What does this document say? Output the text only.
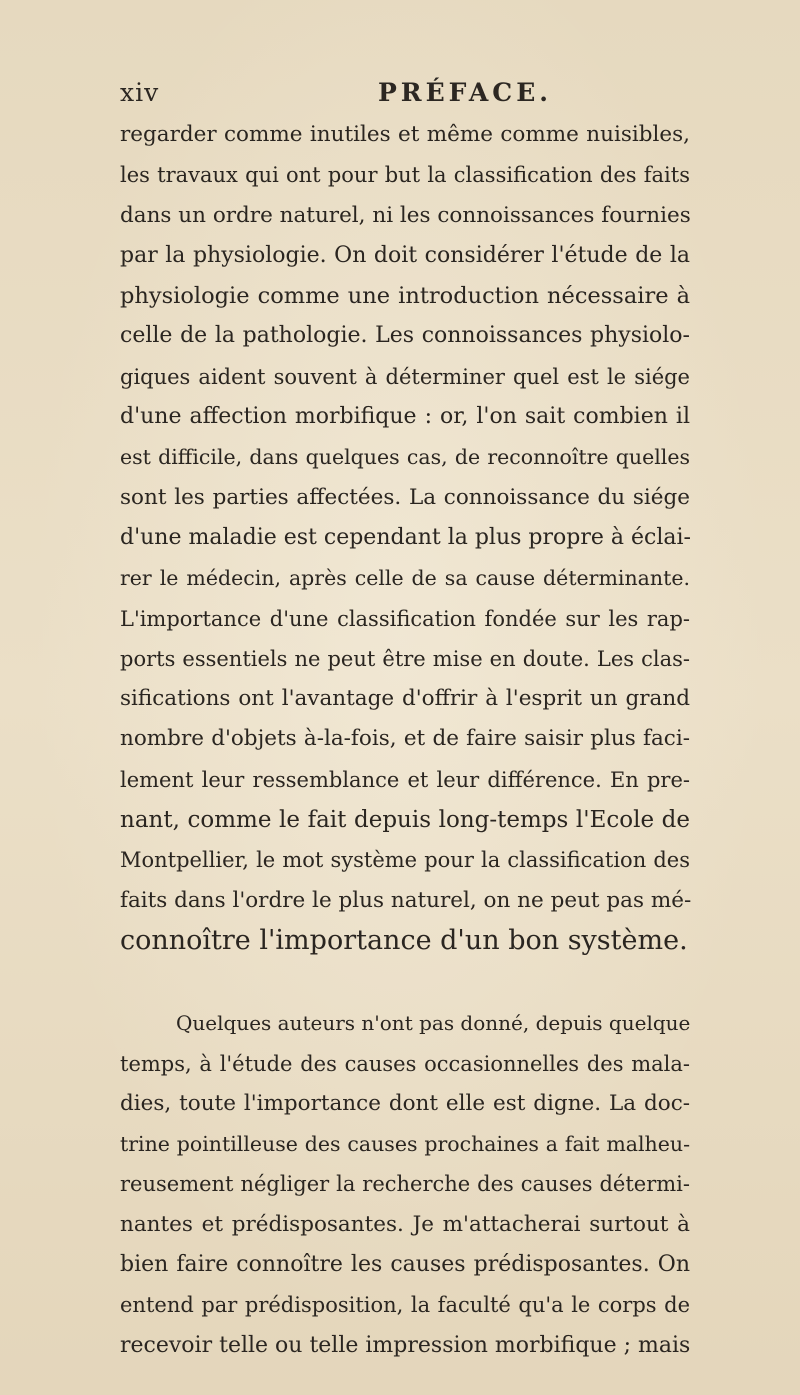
xiv	PRÉFACE.
regarder comme inutiles et même comme nuisibles,
les travaux qui ont pour but la classification des faits
dans un ordre naturel, ni les connoissances fournies
par la physiologie. On doit considérer l'étude de la
physiologie comme une introduction nécessaire à
celle de la pathologie. Les connoissances physiolo-
giques aident souvent à déterminer quel est le siége
d'une affection morbifique : or, l'on sait combien il
est difficile, dans quelques cas, de reconnoître quelles
sont les parties affectées. La connoissance du siége
d'une maladie est cependant la plus propre à éclai-
rer le médecin, après celle de sa cause déterminante.
L'importance d'une classification fondée sur les rap-
ports essentiels ne peut être mise en doute. Les clas-
sifications ont l'avantage d'offrir à l'esprit un grand
nombre d'objets à-la-fois, et de faire saisir plus faci-
lement leur ressemblance et leur différence. En pre-
nant, comme le fait depuis long-temps l'Ecole de
Montpellier, le mot système pour la classification des
faits dans l'ordre le plus naturel, on ne peut pas mé-
connoître l'importance d'un bon système.
Quelques auteurs n'ont pas donné, depuis quelque
temps, à l'étude des causes occasionnelles des mala-
dies, toute l'importance dont elle est digne. La doc-
trine pointilleuse des causes prochaines a fait malheu-
reusement négliger la recherche des causes détermi-
nantes et prédisposantes. Je m'attacherai surtout à
bien faire connoître les causes prédisposantes. On
entend par prédisposition, la faculté qu'a le corps de
recevoir telle ou telle impression morbifique ; mais
